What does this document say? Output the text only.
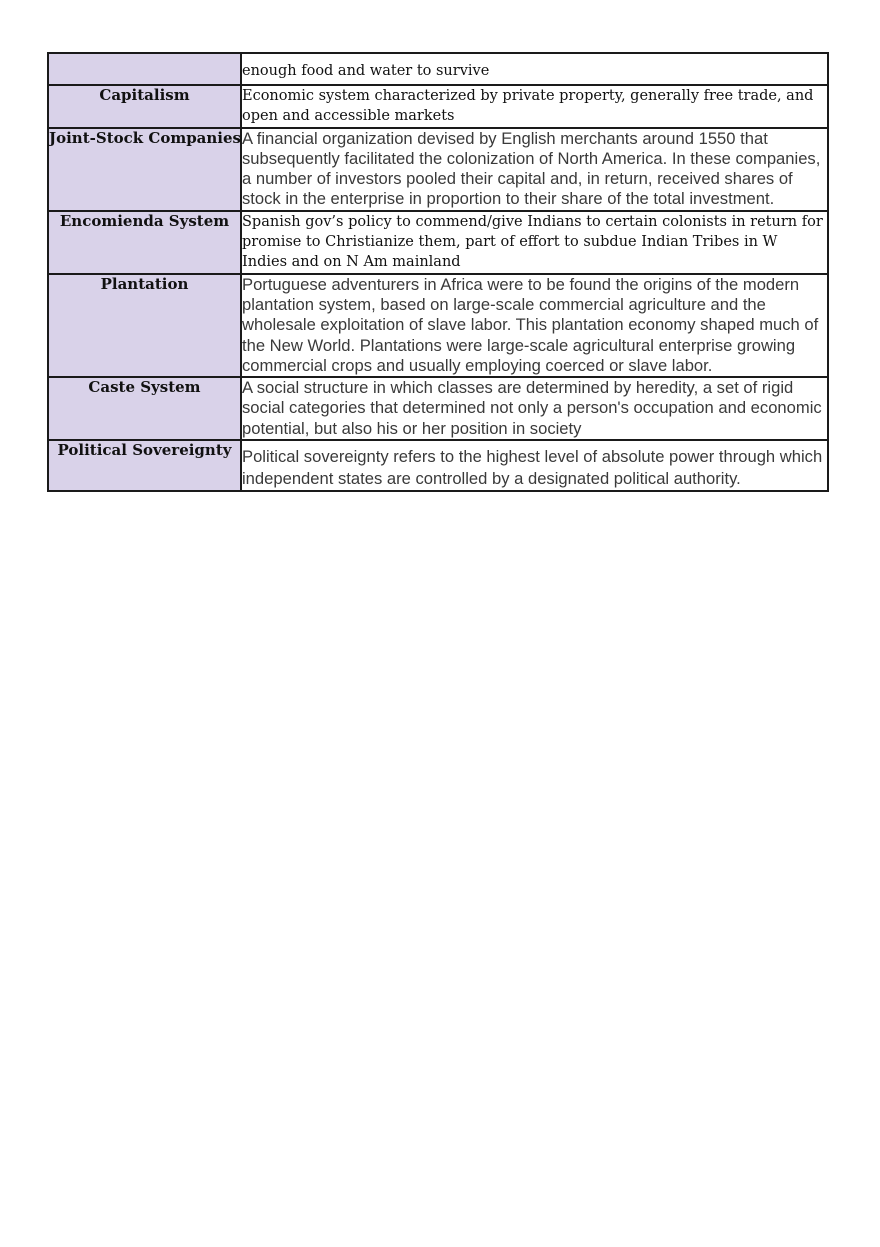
	enough food and water to survive
Capitalism	Economic system characterized by private property, generally free trade, and open and accessible markets
Joint-Stock Companies	A financial organization devised by English merchants around 1550 that subsequently facilitated the colonization of North America. In these companies, a number of investors pooled their capital and, in return, received shares of stock in the enterprise in proportion to their share of the total investment.
Encomienda System	Spanish gov’s policy to commend/give Indians to certain colonists in return for promise to Christianize them, part of effort to subdue Indian Tribes in W Indies and on N Am mainland
Plantation	Portuguese adventurers in Africa were to be found the origins of the modern plantation system, based on large-scale commercial agriculture and the wholesale exploitation of slave labor. This plantation economy shaped much of the New World. Plantations were large-scale agricultural enterprise growing commercial crops and usually employing coerced or slave labor.
Caste System	A social structure in which classes are determined by heredity, a set of rigid social categories that determined not only a person's occupation and economic potential, but also his or her position in society
Political Sovereignty	Political sovereignty refers to the highest level of absolute power through which independent states are controlled by a designated political authority.
